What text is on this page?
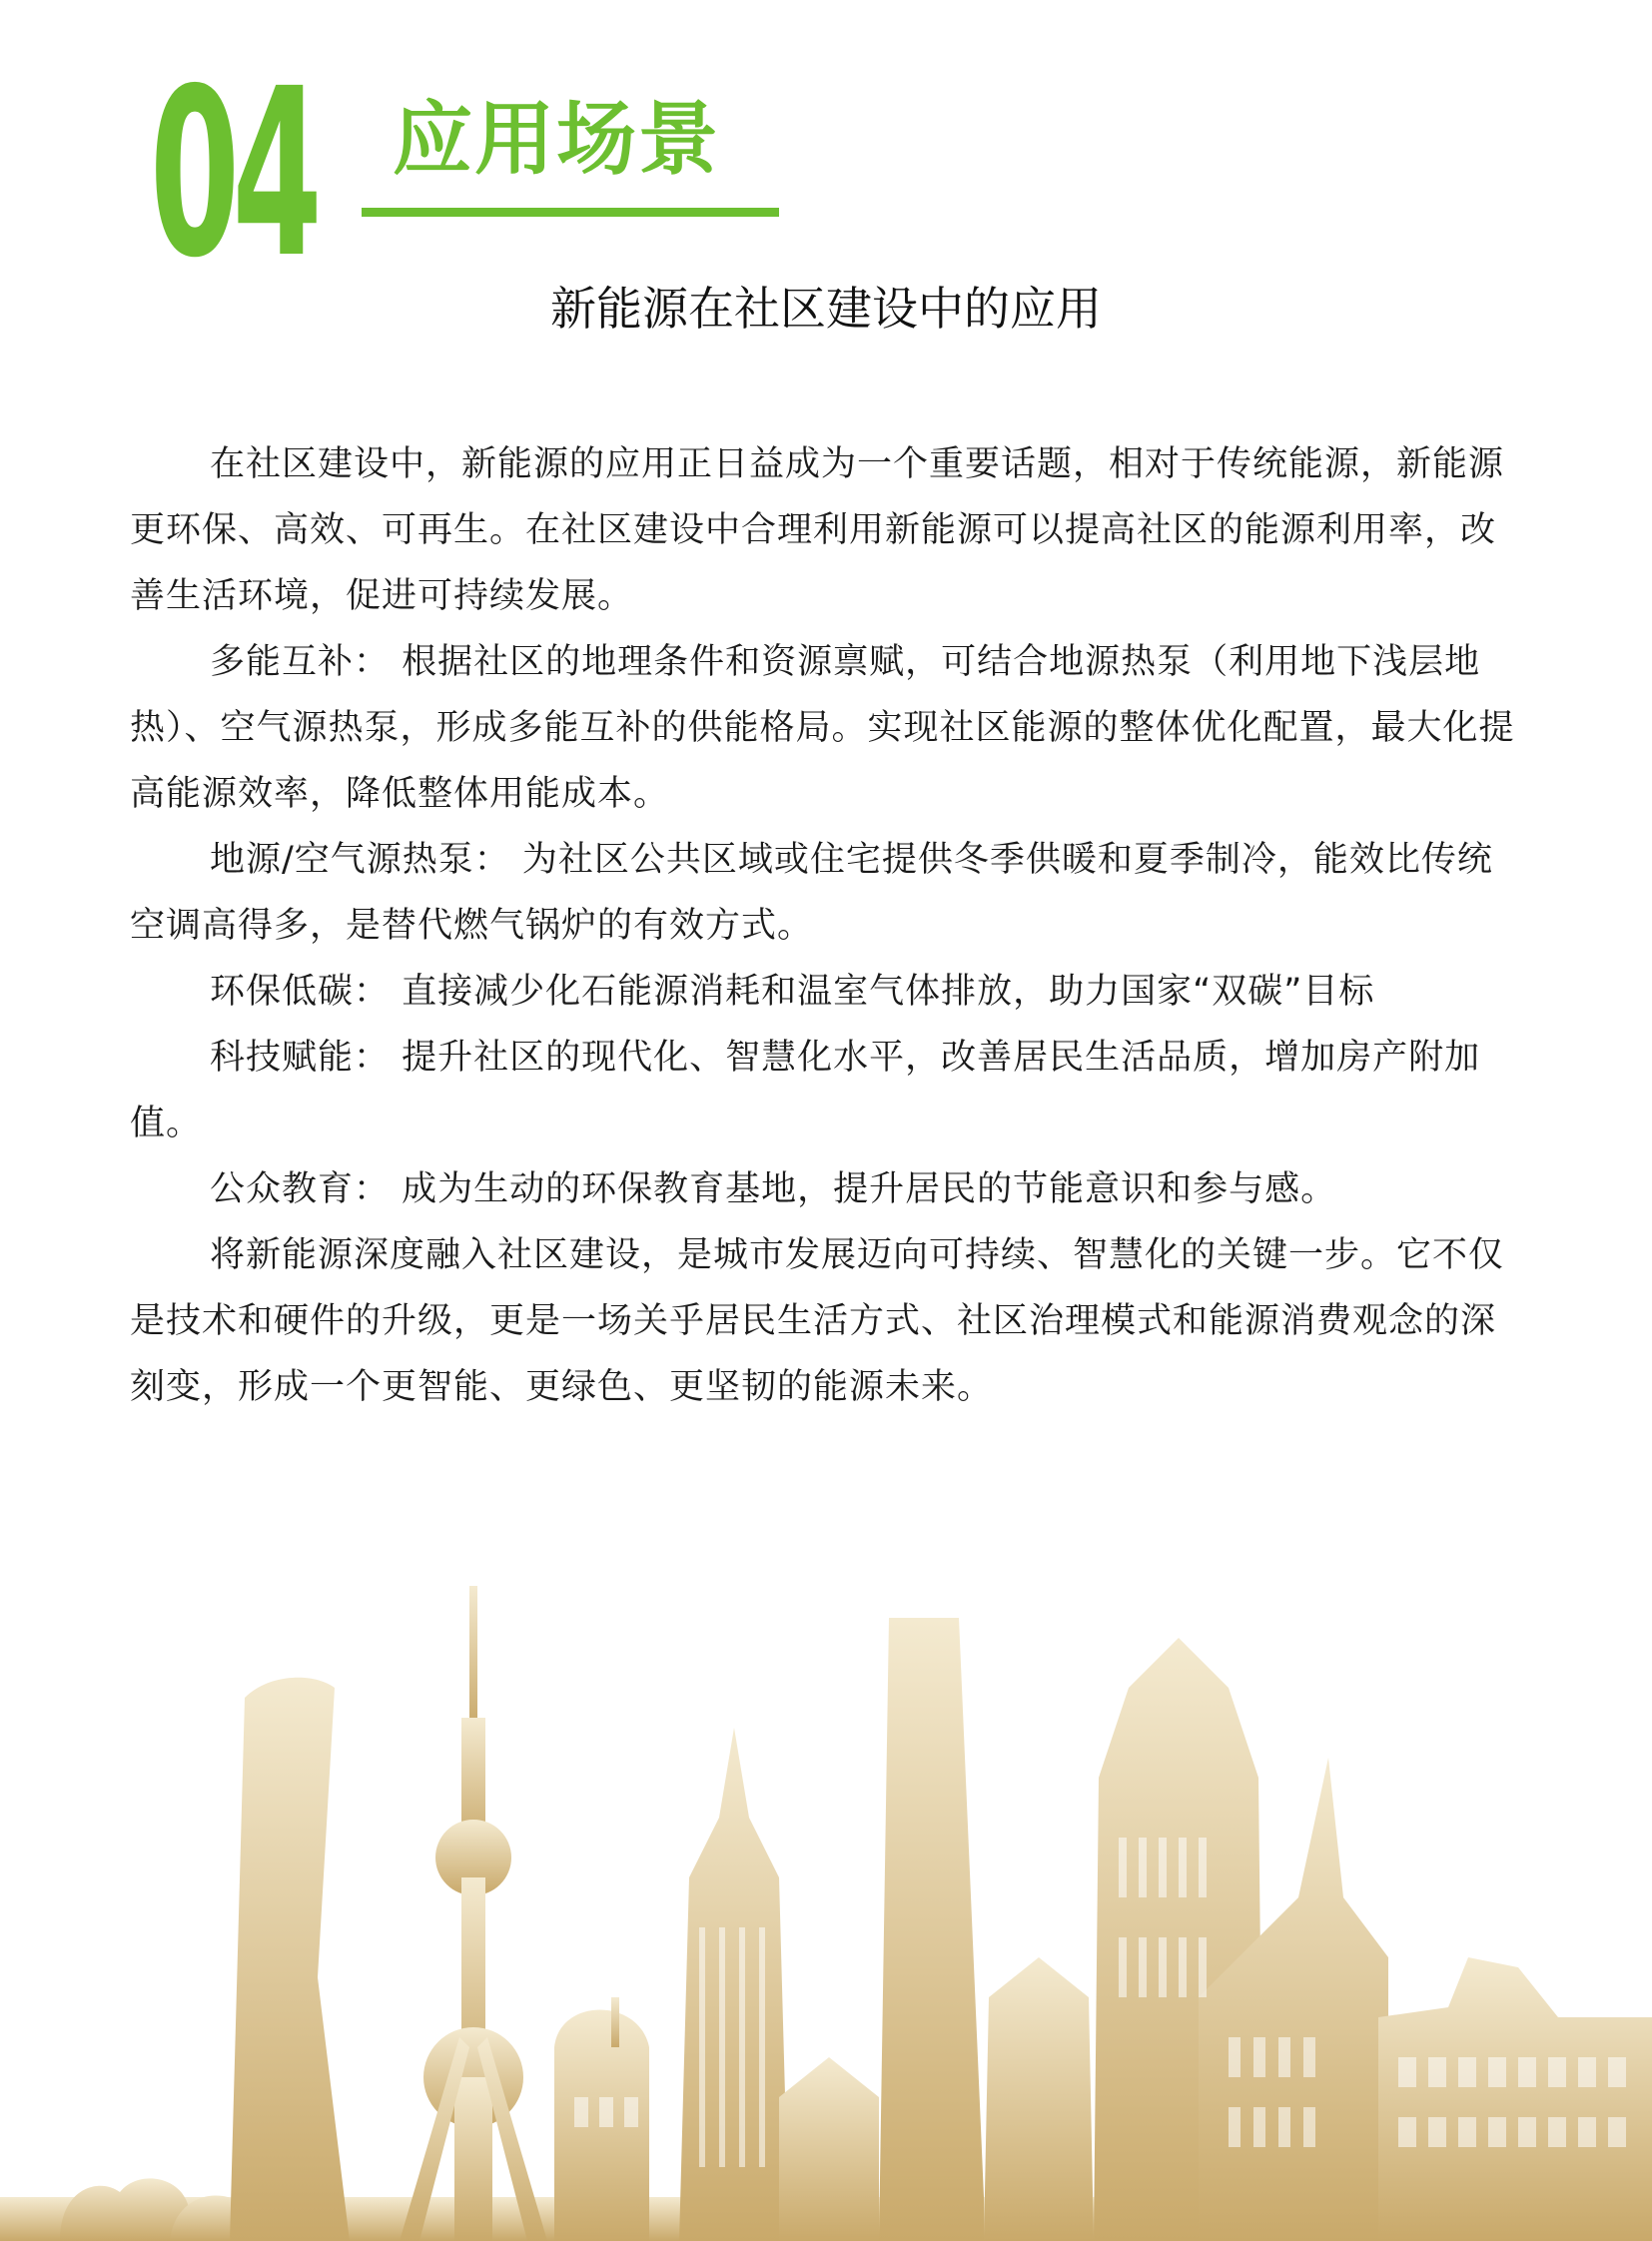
04 应用场景
新能源在社区建设中的应用

在社区建设中，新能源的应用正日益成为一个重要话题，相对于传统能源，新能源更环保、高效、可再生。在社区建设中合理利用新能源可以提高社区的能源利用率，改善生活环境，促进可持续发展。

多能互补： 根据社区的地理条件和资源禀赋，可结合地源热泵（利用地下浅层地热）、空气源热泵，形成多能互补的供能格局。实现社区能源的整体优化配置，最大化提高能源效率，降低整体用能成本。

地源/空气源热泵： 为社区公共区域或住宅提供冬季供暖和夏季制冷，能效比传统空调高得多，是替代燃气锅炉的有效方式。

环保低碳： 直接减少化石能源消耗和温室气体排放，助力国家“双碳”目标

科技赋能： 提升社区的现代化、智慧化水平，改善居民生活品质，增加房产附加值。

公众教育： 成为生动的环保教育基地，提升居民的节能意识和参与感。

将新能源深度融入社区建设，是城市发展迈向可持续、智慧化的关键一步。它不仅是技术和硬件的升级，更是一场关乎居民生活方式、社区治理模式和能源消费观念的深刻变，形成一个更智能、更绿色、更坚韧的能源未来。
